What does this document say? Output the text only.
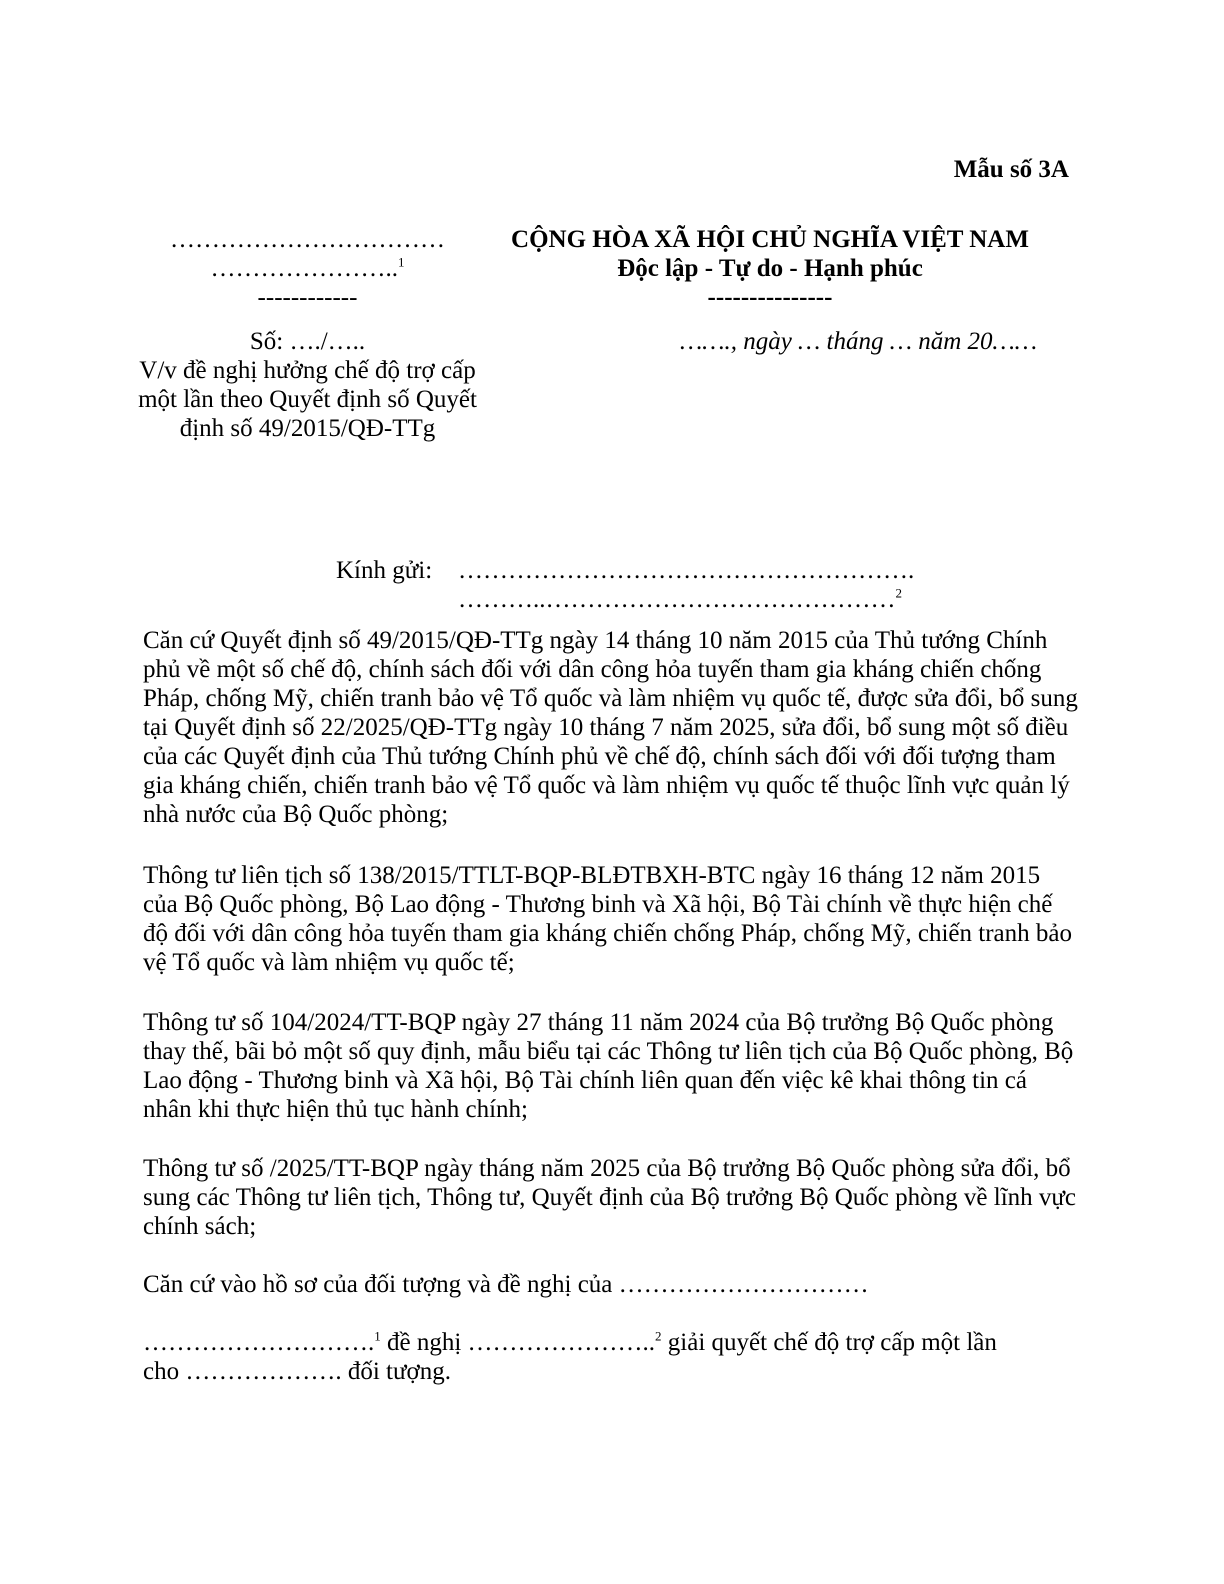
Mẫu số 3A
……………………………
…………………..$^1$
------------
CỘNG HÒA XÃ HỘI CHỦ NGHĨA VIỆT NAM
Độc lập - Tự do - Hạnh phúc
---------------
Số: …./…..	……., ngày … tháng … năm 20……
V/v đề nghị hưởng chế độ trợ cấp một lần theo Quyết định số Quyết định số 49/2015/QĐ-TTg
Kính gửi: ……………………………………………….
………..……………………………………$^2$
Căn cứ Quyết định số 49/2015/QĐ-TTg ngày 14 tháng 10 năm 2015 của Thủ tướng Chính phủ về một số chế độ, chính sách đối với dân công hỏa tuyến tham gia kháng chiến chống Pháp, chống Mỹ, chiến tranh bảo vệ Tổ quốc và làm nhiệm vụ quốc tế, được sửa đổi, bổ sung tại Quyết định số 22/2025/QĐ-TTg ngày 10 tháng 7 năm 2025, sửa đổi, bổ sung một số điều của các Quyết định của Thủ tướng Chính phủ về chế độ, chính sách đối với đối tượng tham gia kháng chiến, chiến tranh bảo vệ Tổ quốc và làm nhiệm vụ quốc tế thuộc lĩnh vực quản lý nhà nước của Bộ Quốc phòng;
Thông tư liên tịch số 138/2015/TTLT-BQP-BLĐTBXH-BTC ngày 16 tháng 12 năm 2015 của Bộ Quốc phòng, Bộ Lao động - Thương binh và Xã hội, Bộ Tài chính về thực hiện chế độ đối với dân công hỏa tuyến tham gia kháng chiến chống Pháp, chống Mỹ, chiến tranh bảo vệ Tổ quốc và làm nhiệm vụ quốc tế;
Thông tư số 104/2024/TT-BQP ngày 27 tháng 11 năm 2024 của Bộ trưởng Bộ Quốc phòng thay thế, bãi bỏ một số quy định, mẫu biểu tại các Thông tư liên tịch của Bộ Quốc phòng, Bộ Lao động - Thương binh và Xã hội, Bộ Tài chính liên quan đến việc kê khai thông tin cá nhân khi thực hiện thủ tục hành chính;
Thông tư số /2025/TT-BQP ngày tháng năm 2025 của Bộ trưởng Bộ Quốc phòng sửa đổi, bổ sung các Thông tư liên tịch, Thông tư, Quyết định của Bộ trưởng Bộ Quốc phòng về lĩnh vực chính sách;
Căn cứ vào hồ sơ của đối tượng và đề nghị của …………………………
……………………….$^1$ đề nghị …………………..$^2$ giải quyết chế độ trợ cấp một lần
cho ………………. đối tượng.
